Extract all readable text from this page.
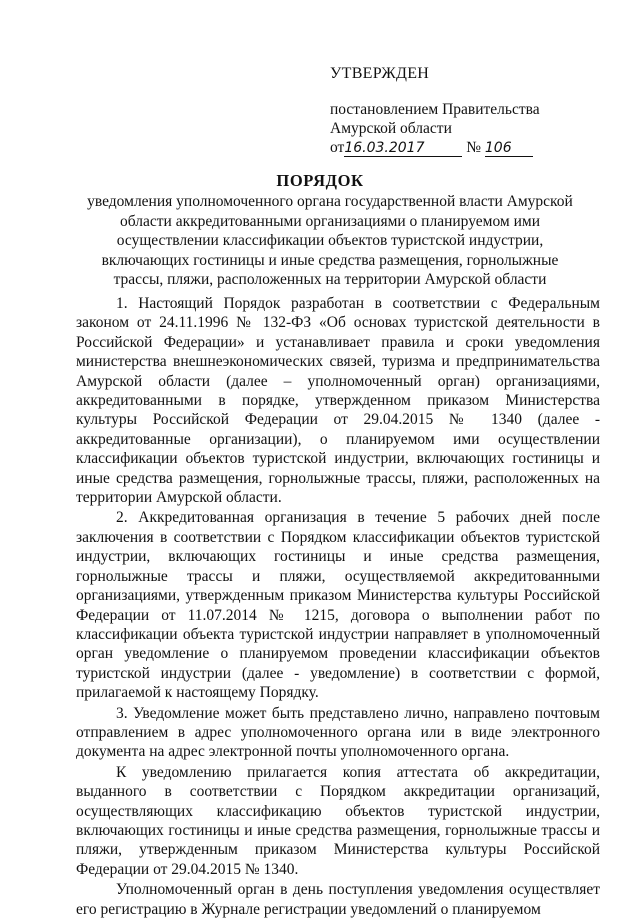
УТВЕРЖДЕН
постановлением Правительства
Амурской области
от16.03.2017	№ 106
ПОРЯДОК
уведомления уполномоченного органа государственной власти Амурской области аккредитованными организациями о планируемом ими осуществлении классификации объектов туристской индустрии, включающих гостиницы и иные средства размещения, горнолыжные трассы, пляжи, расположенных на территории Амурской области

1. Настоящий Порядок разработан в соответствии с Федеральным законом от 24.11.1996 № 132-ФЗ «Об основах туристской деятельности в Российской Федерации» и устанавливает правила и сроки уведомления министерства внешнеэкономических связей, туризма и предпринимательства Амурской области (далее – уполномоченный орган) организациями, аккредитованными в порядке, утвержденном приказом Министерства культуры Российской Федерации от 29.04.2015 № 1340 (далее - аккредитованные организации), о планируемом ими осуществлении классификации объектов туристской индустрии, включающих гостиницы и иные средства размещения, горнолыжные трассы, пляжи, расположенных на территории Амурской области.

2. Аккредитованная организация в течение 5 рабочих дней после заключения в соответствии с Порядком классификации объектов туристской индустрии, включающих гостиницы и иные средства размещения, горнолыжные трассы и пляжи, осуществляемой аккредитованными организациями, утвержденным приказом Министерства культуры Российской Федерации от 11.07.2014 № 1215, договора о выполнении работ по классификации объекта туристской индустрии направляет в уполномоченный орган уведомление о планируемом проведении классификации объектов туристской индустрии (далее - уведомление) в соответствии с формой, прилагаемой к настоящему Порядку.

3. Уведомление может быть представлено лично, направлено почтовым отправлением в адрес уполномоченного органа или в виде электронного документа на адрес электронной почты уполномоченного органа.

К уведомлению прилагается копия аттестата об аккредитации, выданного в соответствии с Порядком аккредитации организаций, осуществляющих классификацию объектов туристской индустрии, включающих гостиницы и иные средства размещения, горнолыжные трассы и пляжи, утвержденным приказом Министерства культуры Российской Федерации от 29.04.2015 № 1340.

Уполномоченный орган в день поступления уведомления осуществляет его регистрацию в Журнале регистрации уведомлений о планируемом
